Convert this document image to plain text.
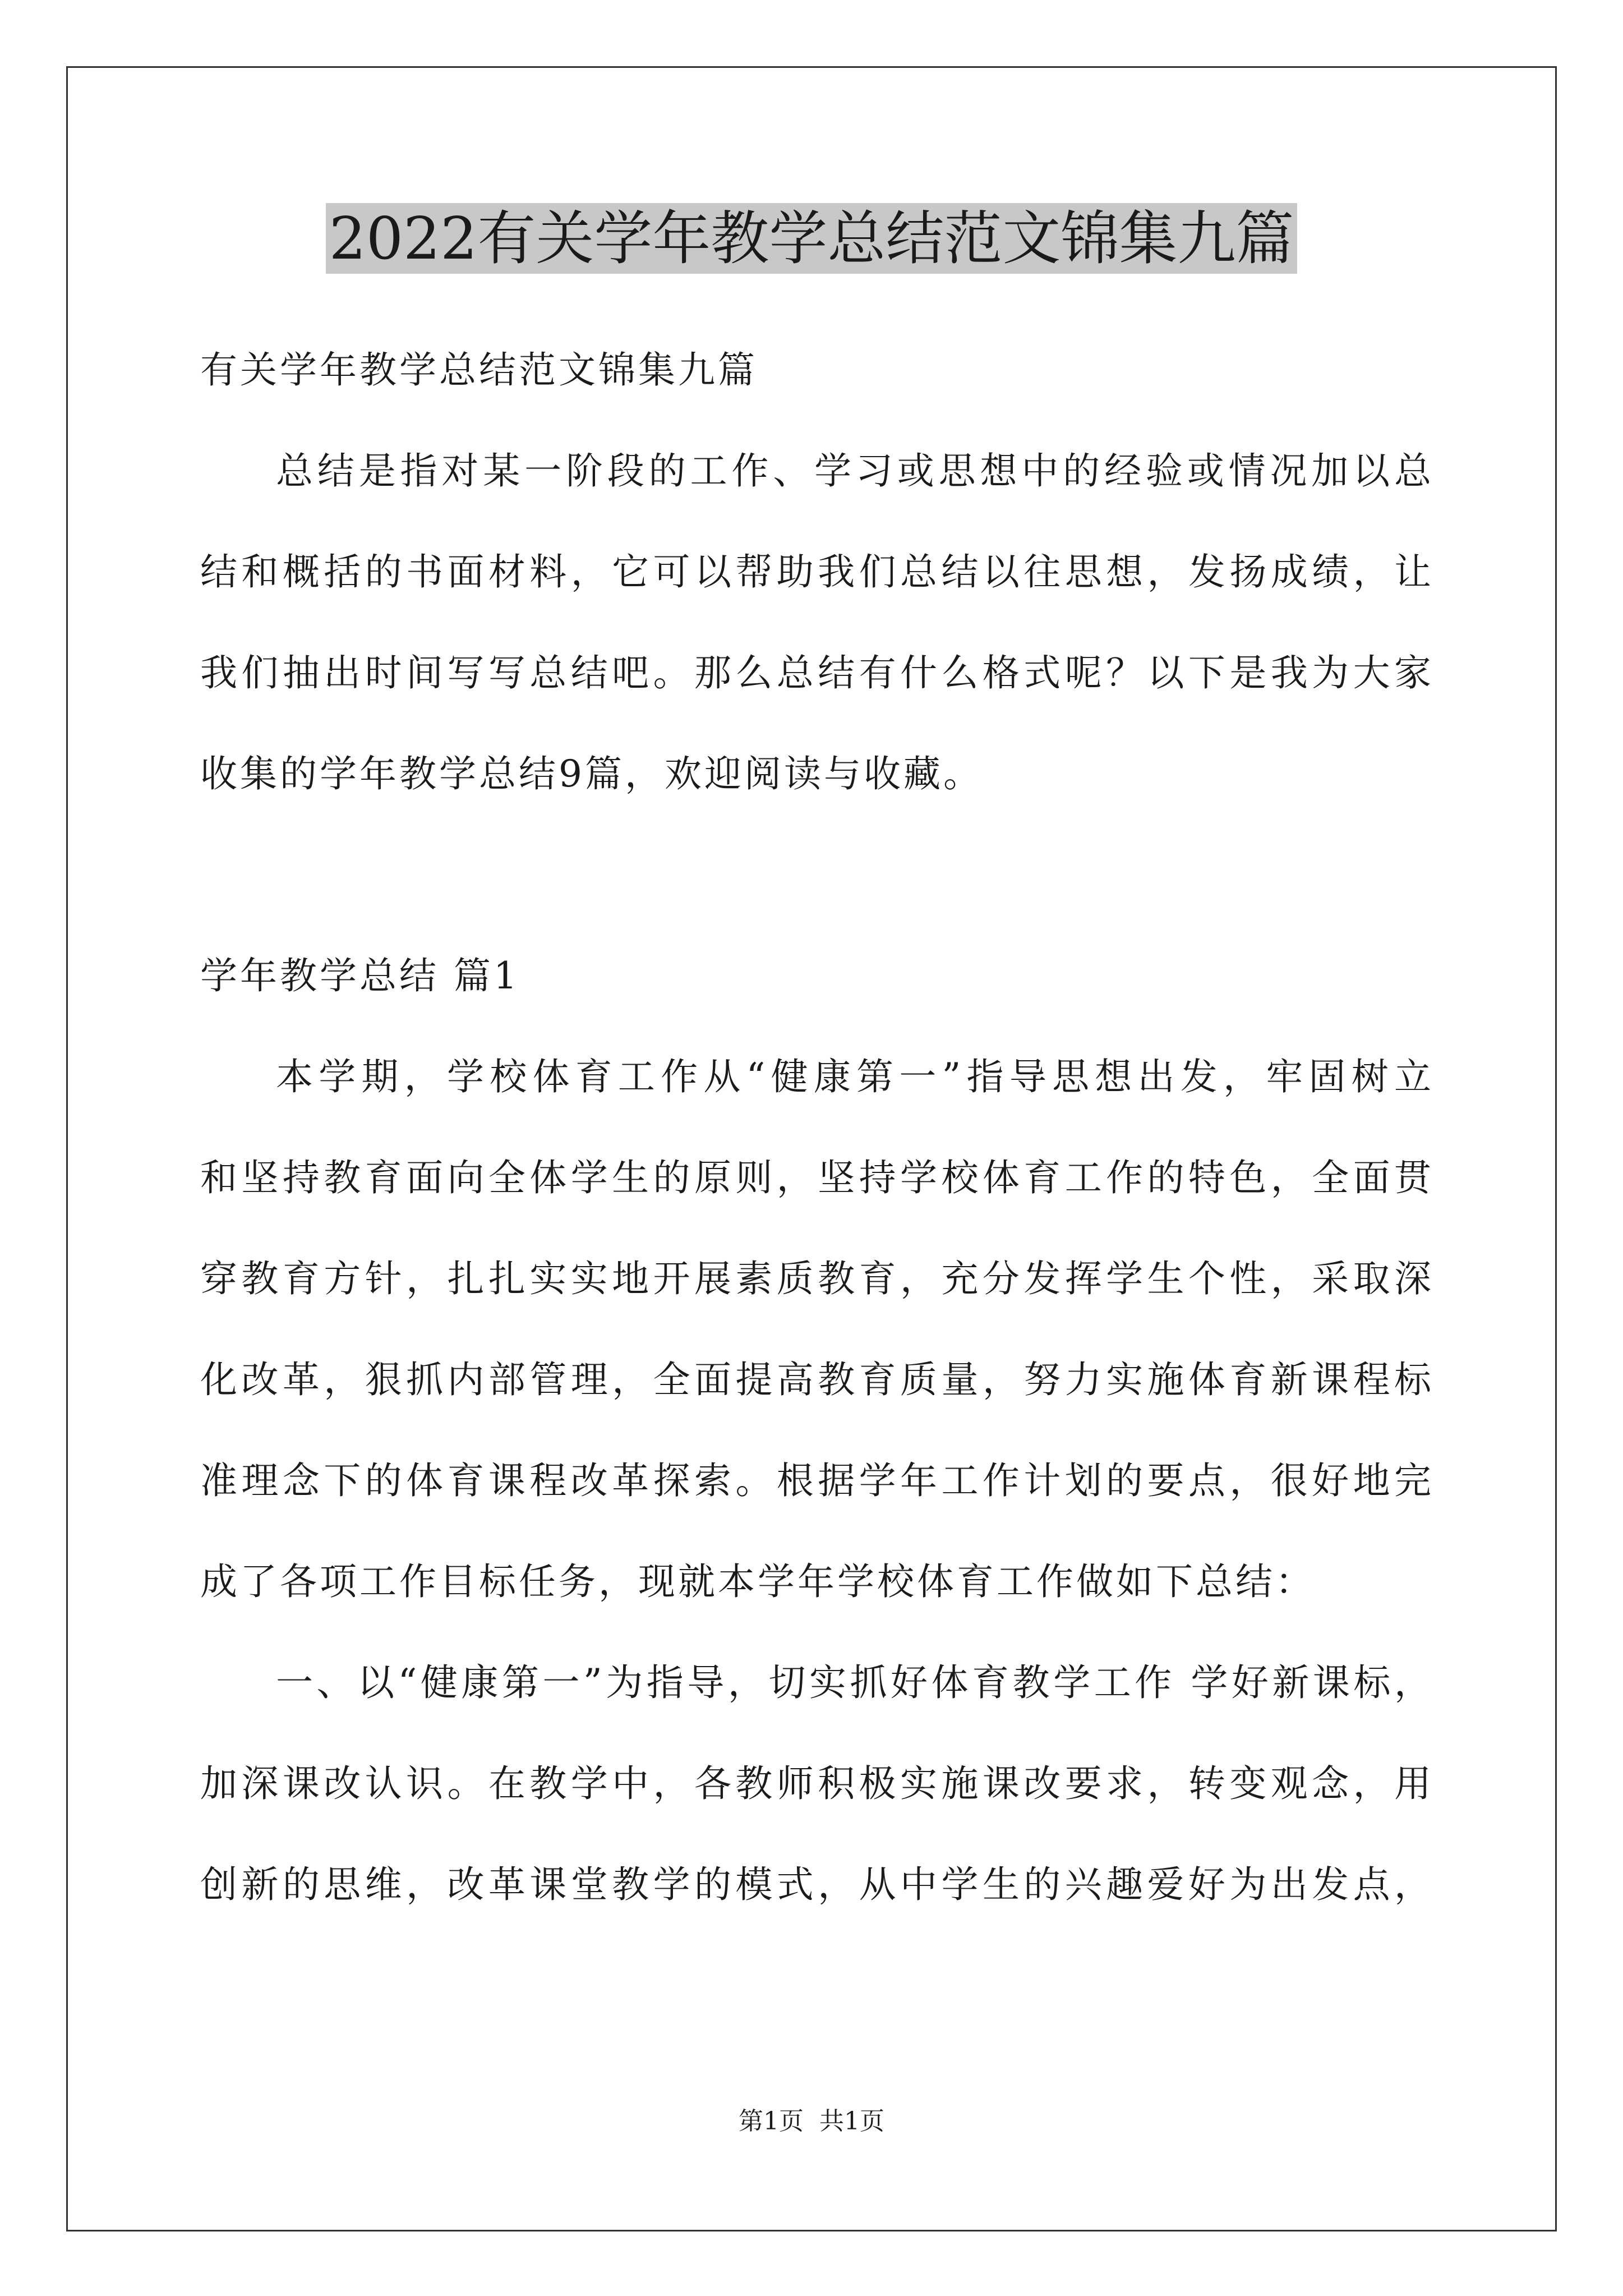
2022有关学年教学总结范文锦集九篇

有关学年教学总结范文锦集九篇

总结是指对某一阶段的工作、学习或思想中的经验或情况加以总

结和概括的书面材料，它可以帮助我们总结以往思想，发扬成绩，让

我们抽出时间写写总结吧。那么总结有什么格式呢？以下是我为大家

收集的学年教学总结9篇，欢迎阅读与收藏。

学年教学总结 篇1

本学期，学校体育工作从“健康第一”指导思想出发，牢固树立

和坚持教育面向全体学生的原则，坚持学校体育工作的特色，全面贯

穿教育方针，扎扎实实地开展素质教育，充分发挥学生个性，采取深

化改革，狠抓内部管理，全面提高教育质量，努力实施体育新课程标

准理念下的体育课程改革探索。根据学年工作计划的要点，很好地完

成了各项工作目标任务，现就本学年学校体育工作做如下总结：

一、以“健康第一”为指导，切实抓好体育教学工作 学好新课标，

加深课改认识。在教学中，各教师积极实施课改要求，转变观念，用

创新的思维，改革课堂教学的模式，从中学生的兴趣爱好为出发点，

第1页 共1页
